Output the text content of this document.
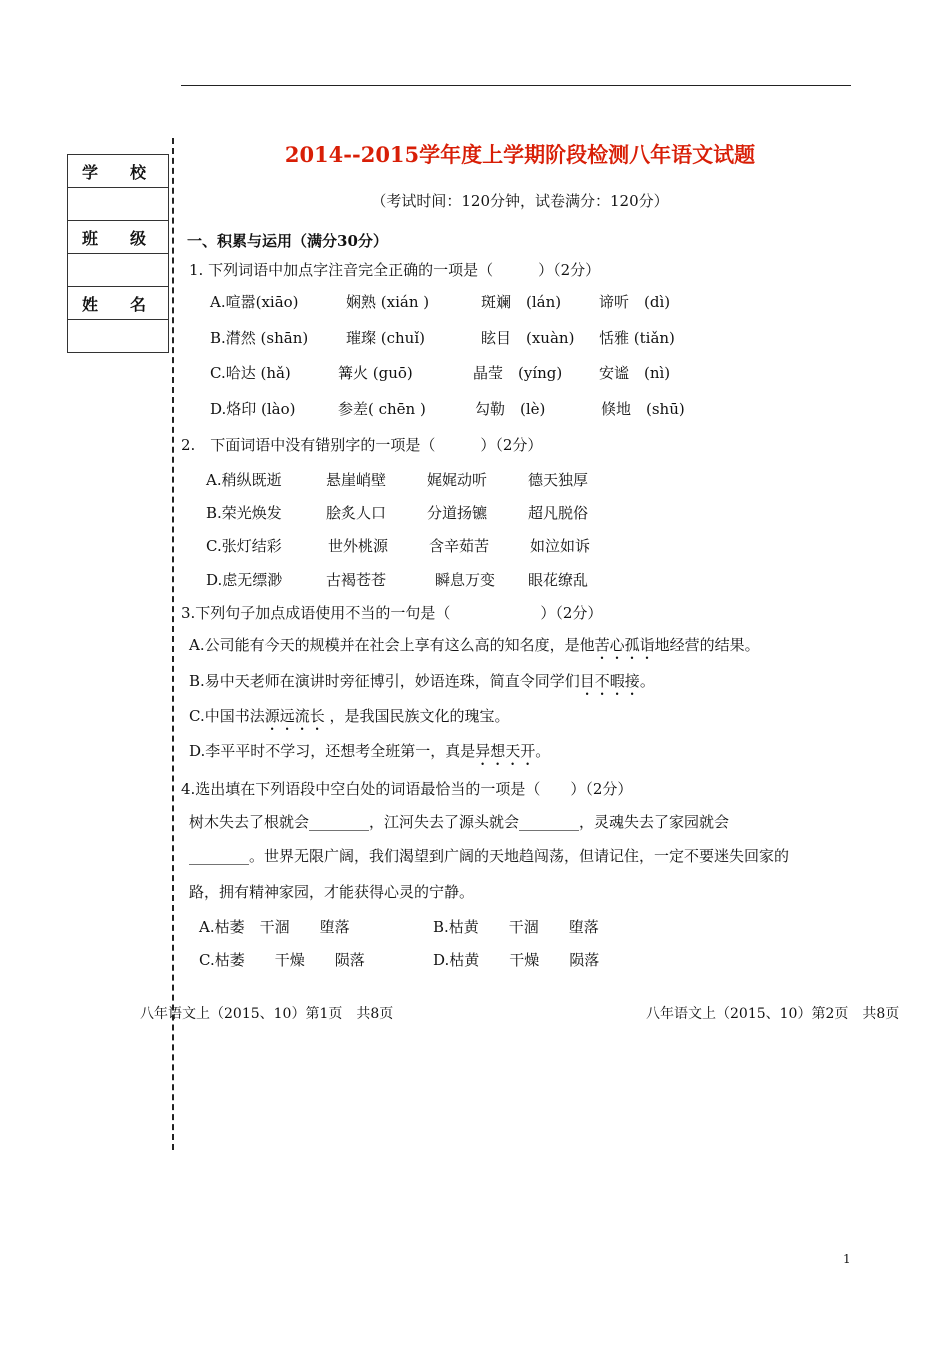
学　　校

班　　级

姓　　名

2014--2015学年度上学期阶段检测八年语文试题
（考试时间：120分钟，试卷满分：120分）
一、积累与运用（满分30分）
1. 下列词语中加点字注音完全正确的一项是（　　　）（2分）
A.喧嚣(xiāo)	娴熟 (xián )	斑斓　(lán)	谛听　(dì)
B.潸然 (shān)	璀璨 (chuǐ)	眩目　(xuàn) 恬雅 (tiǎn)
C.哈达 (hǎ)	篝火 (guō)	晶莹　(yíng) 安谧　(nì)
D.烙印 (lào)	参差( chēn )	勾勒　(lè)	倏地　(shū)
2.　下面词语中没有错别字的一项是（　　　）（2分）
A.稍纵既逝	悬崖峭壁	娓娓动听	德天独厚
B.荣光焕发	脍炙人口	分道扬镳	超凡脱俗
C.张灯结彩	世外桃源	含辛茹苦	如泣如诉
D.虑无缥渺	古褐苍苍	瞬息万变 眼花缭乱
3.下列句子加点成语使用不当的一句是（　　　　　　）（2分）
A.公司能有今天的规模并在社会上享有这么高的知名度，是他苦心孤诣地经营的结果。
B.易中天老师在演讲时旁征博引，妙语连珠，简直令同学们目不暇接。
C.中国书法源远流长 ，是我国民族文化的瑰宝。
D.李平平时不学习，还想考全班第一，真是异想天开。
4.选出填在下列语段中空白处的词语最恰当的一项是（　　）（2分）
树木失去了根就会________，江河失去了源头就会________，灵魂失去了家园就会
________。世界无限广阔，我们渴望到广阔的天地趋闯荡，但请记住，一定不要迷失回家的
路，拥有精神家园，才能获得心灵的宁静。
A.枯萎　干涸　　堕落	B.枯黄　　干涸　　堕落
C.枯萎　　干燥　　陨落	D.枯黄　　干燥　　陨落
八年语文上（2015、10）第1页　共8页	八年语文上（2015、10）第2页　共8页
1
